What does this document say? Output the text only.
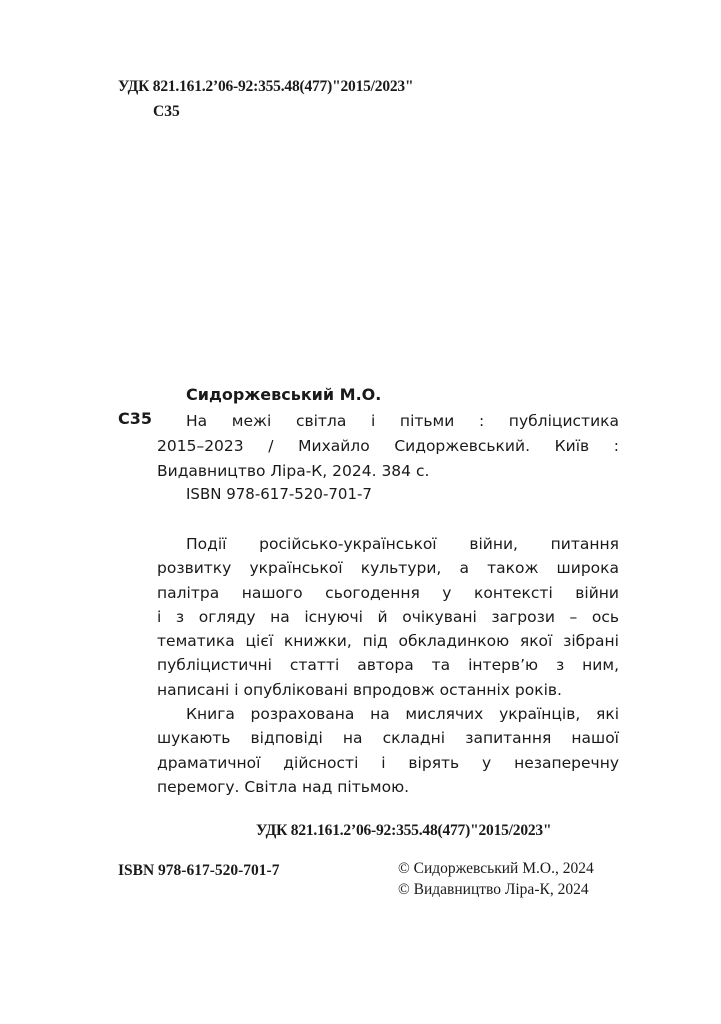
УДК 821.161.2’06-92:355.48(477)"2015/2023"
С35
Сидоржевський М.О.
С35 На межі світла і пітьми : публіцистика
2015–2023 / Михайло Сидоржевський. Київ :
Видавництво Ліра-К, 2024. 384 с.
ISBN 978-617-520-701-7
Події російсько-української війни, питання
розвитку української культури, а також широка
палітра нашого сьогодення у контексті війни
і з огляду на існуючі й очікувані загрози – ось
тематика цієї книжки, під обкладинкою якої зібрані
публіцистичні статті автора та інтерв’ю з ним,
написані і опубліковані впродовж останніх років.
Книга розрахована на мислячих українців, які
шукають відповіді на складні запитання нашої
драматичної дійсності і вірять у незаперечну
перемогу. Світла над пітьмою.
УДК 821.161.2’06-92:355.48(477)"2015/2023"
ISBN 978-617-520-701-7	© Сидоржевський М.О., 2024
© Видавництво Ліра-К, 2024
